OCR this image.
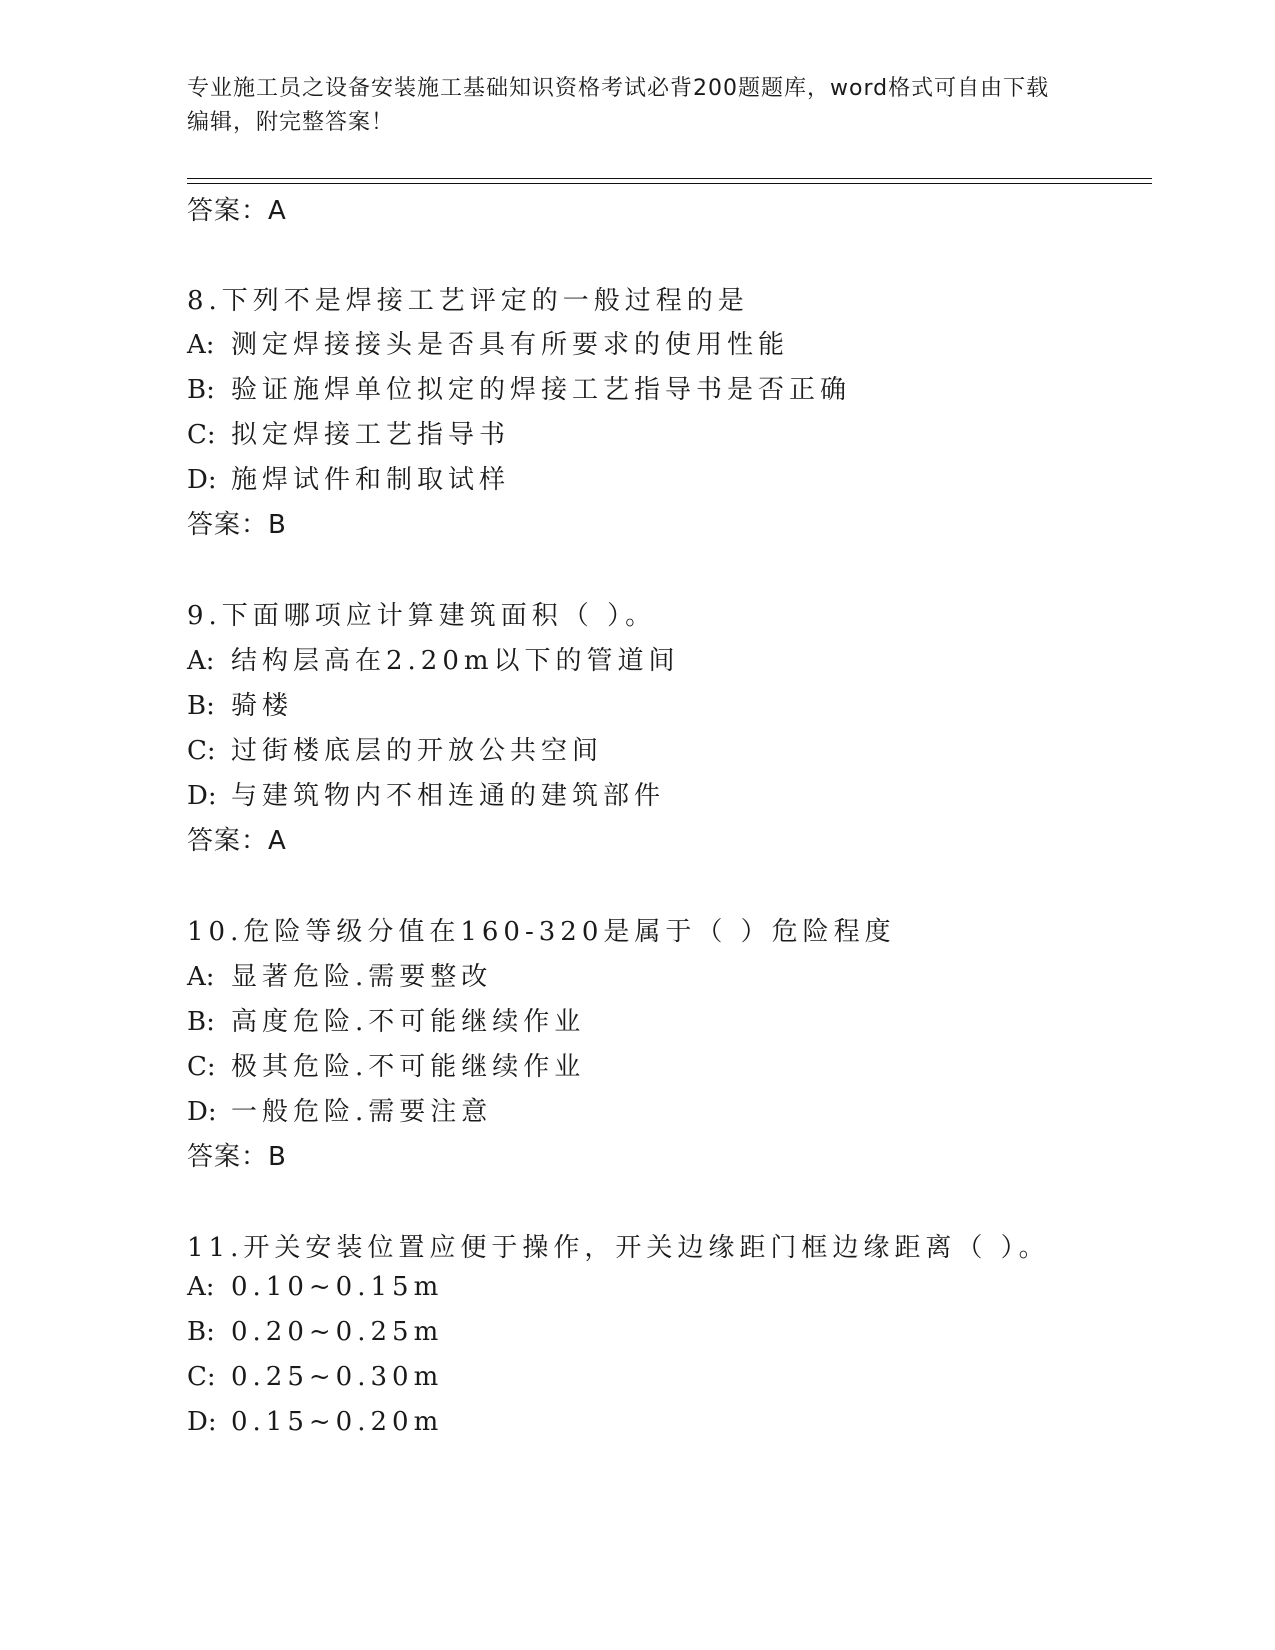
专业施工员之设备安装施工基础知识资格考试必背200题题库，word格式可自由下载编辑，附完整答案！
答案：A
8.下列不是焊接工艺评定的一般过程的是
A: 测定焊接接头是否具有所要求的使用性能
B: 验证施焊单位拟定的焊接工艺指导书是否正确
C: 拟定焊接工艺指导书
D: 施焊试件和制取试样
答案：B
9.下面哪项应计算建筑面积（ ）。
A: 结构层高在2.20m以下的管道间
B: 骑楼
C: 过街楼底层的开放公共空间
D: 与建筑物内不相连通的建筑部件
答案：A
10.危险等级分值在160-320是属于（ ）危险程度
A: 显著危险.需要整改
B: 高度危险.不可能继续作业
C: 极其危险.不可能继续作业
D: 一般危险.需要注意
答案：B
11.开关安装位置应便于操作，开关边缘距门框边缘距离（ ）。
A: 0.10~0.15m
B: 0.20~0.25m
C: 0.25~0.30m
D: 0.15~0.20m
